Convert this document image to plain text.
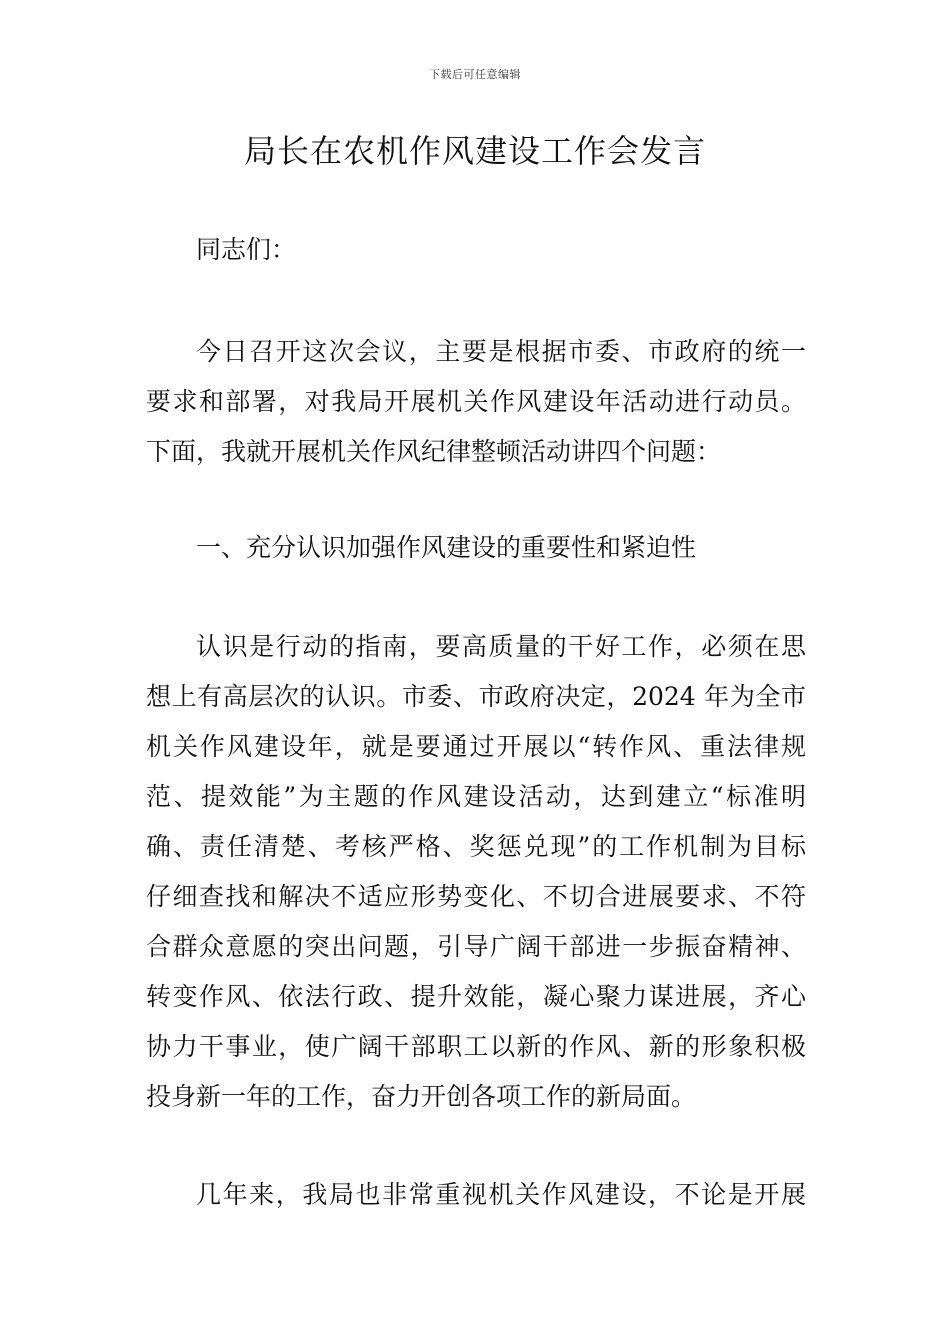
下载后可任意编辑
局长在农机作风建设工作会发言
同志们：
今日召开这次会议，主要是根据市委、市政府的统一
要求和部署，对我局开展机关作风建设年活动进行动员。
下面，我就开展机关作风纪律整顿活动讲四个问题：
一、充分认识加强作风建设的重要性和紧迫性
认识是行动的指南，要高质量的干好工作，必须在思
想上有高层次的认识。市委、市政府决定，2024 年为全市
机关作风建设年，就是要通过开展以“转作风、重法律规
范、提效能”为主题的作风建设活动，达到建立“标准明
确、责任清楚、考核严格、奖惩兑现”的工作机制为目标
仔细查找和解决不适应形势变化、不切合进展要求、不符
合群众意愿的突出问题，引导广阔干部进一步振奋精神、
转变作风、依法行政、提升效能，凝心聚力谋进展，齐心
协力干事业，使广阔干部职工以新的作风、新的形象积极
投身新一年的工作，奋力开创各项工作的新局面。
几年来，我局也非常重视机关作风建设，不论是开展
